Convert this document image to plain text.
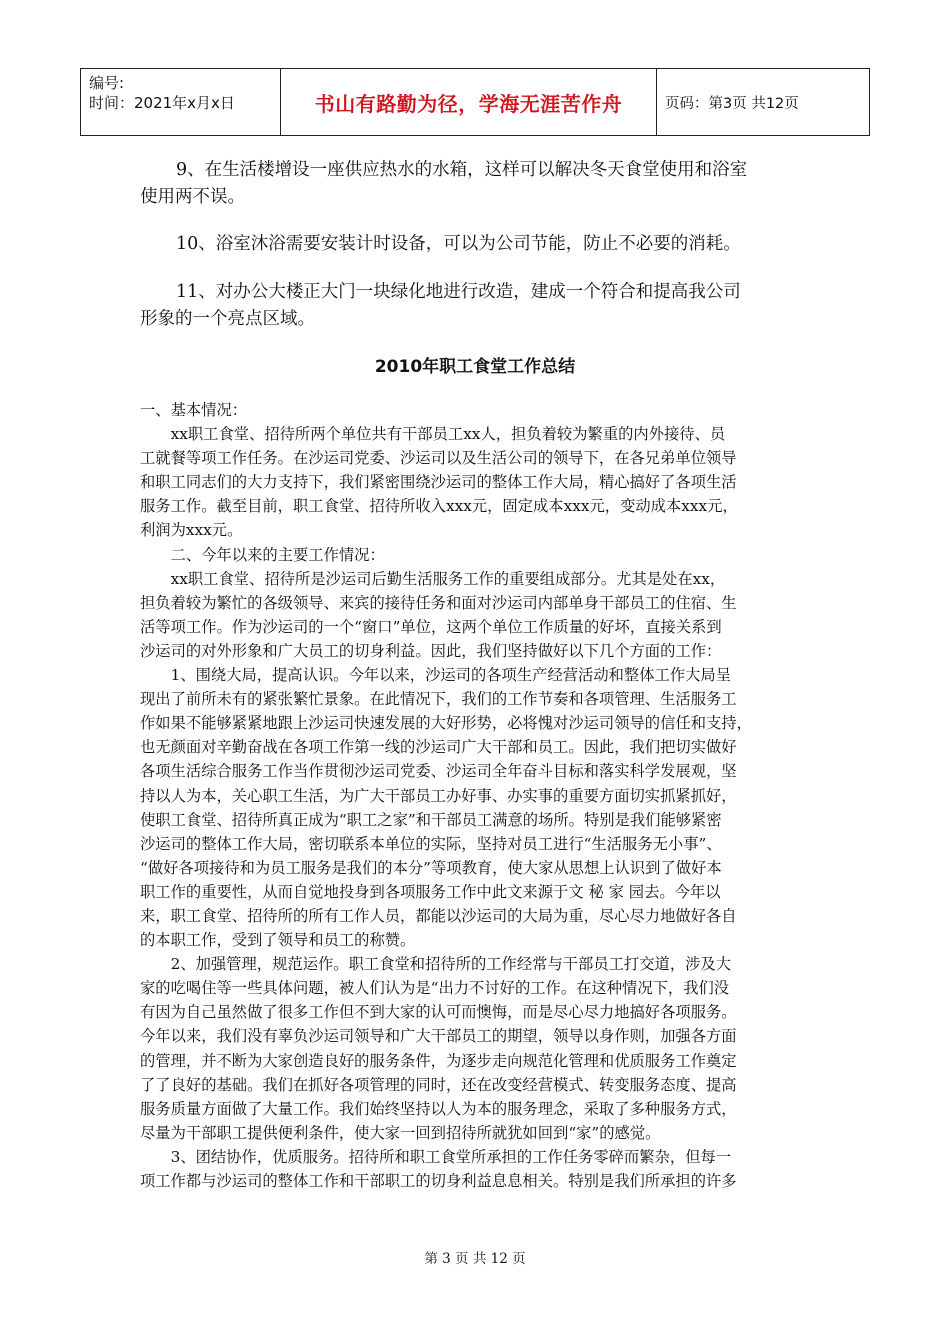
编号:
时间：2021年x月x日	书山有路勤为径，学海无涯苦作舟	页码：第3页 共12页

9、在生活楼增设一座供应热水的水箱，这样可以解决冬天食堂使用和浴室
使用两不误。

10、浴室沐浴需要安装计时设备，可以为公司节能，防止不必要的消耗。

11、对办公大楼正大门一块绿化地进行改造，建成一个符合和提高我公司
形象的一个亮点区域。

2010年职工食堂工作总结
一、基本情况：
　　xx职工食堂、招待所两个单位共有干部员工xx人，担负着较为繁重的内外接待、员
工就餐等项工作任务。在沙运司党委、沙运司以及生活公司的领导下，在各兄弟单位领导
和职工同志们的大力支持下，我们紧密围绕沙运司的整体工作大局，精心搞好了各项生活
服务工作。截至目前，职工食堂、招待所收入xxx元，固定成本xxx元，变动成本xxx元，
利润为xxx元。
　　二、今年以来的主要工作情况：
　　xx职工食堂、招待所是沙运司后勤生活服务工作的重要组成部分。尤其是处在xx，
担负着较为繁忙的各级领导、来宾的接待任务和面对沙运司内部单身干部员工的住宿、生
活等项工作。作为沙运司的一个“窗口”单位，这两个单位工作质量的好坏，直接关系到
沙运司的对外形象和广大员工的切身利益。因此，我们坚持做好以下几个方面的工作：
　　1、围绕大局，提高认识。今年以来，沙运司的各项生产经营活动和整体工作大局呈
现出了前所未有的紧张繁忙景象。在此情况下，我们的工作节奏和各项管理、生活服务工
作如果不能够紧紧地跟上沙运司快速发展的大好形势，必将愧对沙运司领导的信任和支持，
也无颜面对辛勤奋战在各项工作第一线的沙运司广大干部和员工。因此，我们把切实做好
各项生活综合服务工作当作贯彻沙运司党委、沙运司全年奋斗目标和落实科学发展观，坚
持以人为本，关心职工生活，为广大干部员工办好事、办实事的重要方面切实抓紧抓好，
使职工食堂、招待所真正成为“职工之家”和干部员工满意的场所。特别是我们能够紧密
沙运司的整体工作大局，密切联系本单位的实际，坚持对员工进行“生活服务无小事”、
“做好各项接待和为员工服务是我们的本分”等项教育，使大家从思想上认识到了做好本
职工作的重要性，从而自觉地投身到各项服务工作中此文来源于文 秘 家 园去。今年以
来，职工食堂、招待所的所有工作人员，都能以沙运司的大局为重，尽心尽力地做好各自
的本职工作，受到了领导和员工的称赞。
　　2、加强管理，规范运作。职工食堂和招待所的工作经常与干部员工打交道，涉及大
家的吃喝住等一些具体问题，被人们认为是“出力不讨好的工作。在这种情况下，我们没
有因为自己虽然做了很多工作但不到大家的认可而懊悔，而是尽心尽力地搞好各项服务。
今年以来，我们没有辜负沙运司领导和广大干部员工的期望，领导以身作则，加强各方面
的管理，并不断为大家创造良好的服务条件，为逐步走向规范化管理和优质服务工作奠定
了了良好的基础。我们在抓好各项管理的同时，还在改变经营模式、转变服务态度、提高
服务质量方面做了大量工作。我们始终坚持以人为本的服务理念，采取了多种服务方式，
尽量为干部职工提供便利条件，使大家一回到招待所就犹如回到“家”的感觉。
　　3、团结协作，优质服务。招待所和职工食堂所承担的工作任务零碎而繁杂，但每一
项工作都与沙运司的整体工作和干部职工的切身利益息息相关。特别是我们所承担的许多
第 3 页 共 12 页
